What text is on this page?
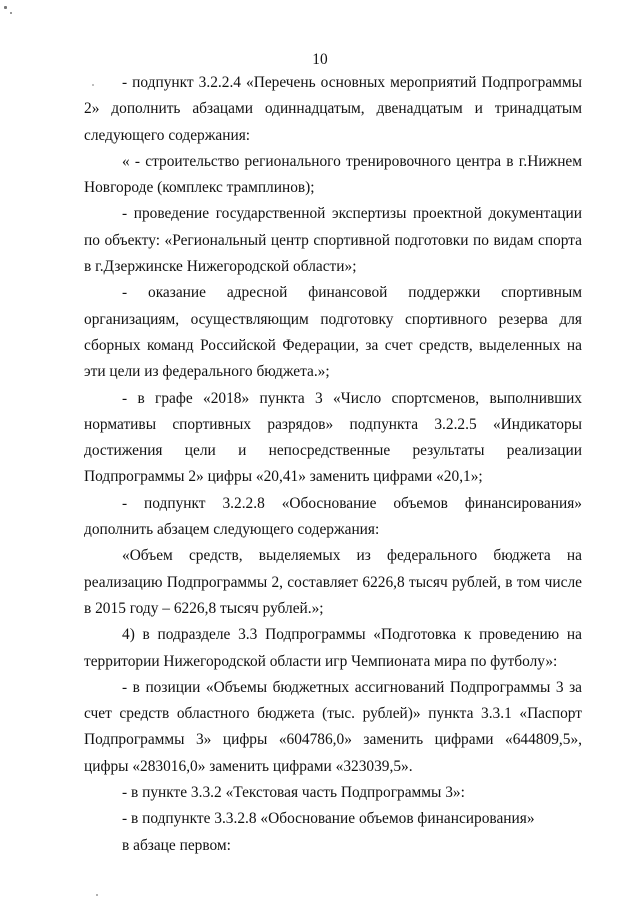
10

- подпункт 3.2.2.4 «Перечень основных мероприятий Подпрограммы 2» дополнить абзацами одиннадцатым, двенадцатым и тринадцатым следующего содержания:

« - строительство регионального тренировочного центра в г.Нижнем Новгороде (комплекс трамплинов);

- проведение государственной экспертизы проектной документации по объекту: «Региональный центр спортивной подготовки по видам спорта в г.Дзержинске Нижегородской области»;

- оказание адресной финансовой поддержки спортивным организациям, осуществляющим подготовку спортивного резерва для сборных команд Российской Федерации, за счет средств, выделенных на эти цели из федерального бюджета.»;

- в графе «2018» пункта 3 «Число спортсменов, выполнивших нормативы спортивных разрядов» подпункта 3.2.2.5 «Индикаторы достижения цели и непосредственные результаты реализации Подпрограммы 2» цифры «20,41» заменить цифрами «20,1»;

- подпункт 3.2.2.8 «Обоснование объемов финансирования» дополнить абзацем следующего содержания:

«Объем средств, выделяемых из федерального бюджета на реализацию Подпрограммы 2, составляет 6226,8 тысяч рублей, в том числе в 2015 году – 6226,8 тысяч рублей.»;

4) в подразделе 3.3 Подпрограммы «Подготовка к проведению на территории Нижегородской области игр Чемпионата мира по футболу»:

- в позиции «Объемы бюджетных ассигнований Подпрограммы 3 за счет средств областного бюджета (тыс. рублей)» пункта 3.3.1 «Паспорт Подпрограммы 3» цифры «604786,0» заменить цифрами «644809,5», цифры «283016,0» заменить цифрами «323039,5».

- в пункте 3.3.2 «Текстовая часть Подпрограммы 3»:

- в подпункте 3.3.2.8 «Обоснование объемов финансирования»

в абзаце первом:
